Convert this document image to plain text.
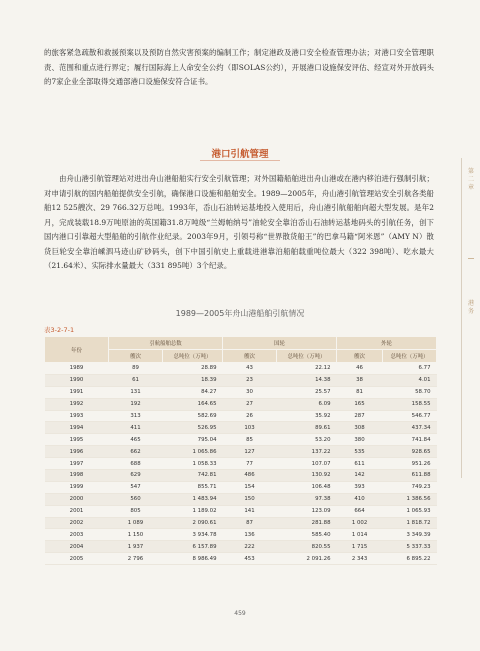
的旅客紧急疏散和救援预案以及预防自然灾害预案的编制工作；制定港政及港口安全检查管理办法；对港口安全管理职责、范围和重点进行界定；履行国际海上人命安全公约（即SOLAS公约），开展港口设施保安评估、经宣对外开放码头的7家企业全部取得交通部港口设施保安符合证书。

港口引航管理

由舟山港引航管理站对进出舟山港船舶实行安全引航管理；对外国籍船舶进出舟山港或在港内移泊进行强制引航；对申请引航的国内船舶提供安全引航，确保港口设施和船舶安全。1989—2005年，舟山港引航管理站安全引航各类船舶12 525艘次、29 766.32万总吨。1993年，岙山石油转运基地投入使用后，舟山港引航船舶向超大型发展。是年2月，完成装载18.9万吨原油的英国籍31.8万吨级“兰姆帕纳号”油轮安全靠泊岙山石油转运基地码头的引航任务，创下国内港口引靠超大型船舶的引航作业纪录。2003年9月，引领号称“世界散货船王”的巴拿马籍“阿米恩”（AMY N）散货巨轮安全靠泊嵊泗马迹山矿砂码头，创下中国引航史上重载进港靠泊船舶载重吨位最大（322 398吨）、吃水最大（21.64米）、实际排水量最大（331 895吨）3个纪录。

第二章
港务
1989—2005年舟山港船舶引航情况
表3-2-7-1
年份	引航船舶总数		国轮		外轮	
	艘次	总吨位（万吨）	艘次	总吨位（万吨）	艘次	总吨位（万吨）
1989	89	28.89	43	22.12	46	6.77
1990	61	18.39	23	14.38	38	4.01
1991	131	84.27	30	25.57	81	58.70
1992	192	164.65	27	6.09	165	158.55
1993	313	582.69	26	35.92	287	546.77
1994	411	526.95	103	89.61	308	437.34
1995	465	795.04	85	53.20	380	741.84
1996	662	1 065.86	127	137.22	535	928.65
1997	688	1 058.33	77	107.07	611	951.26
1998	629	742.81	486	130.92	142	611.88
1999	547	855.71	154	106.48	393	749.23
2000	560	1 483.94	150	97.38	410	1 386.56
2001	805	1 189.02	141	123.09	664	1 065.93
2002	1 089	2 090.61	87	281.88	1 002	1 818.72
2003	1 150	3 934.78	136	585.40	1 014	3 349.39
2004	1 937	6 157.89	222	820.55	1 715	5 337.33
2005	2 796	8 986.49	453	2 091.26	2 343	6 895.22
459
